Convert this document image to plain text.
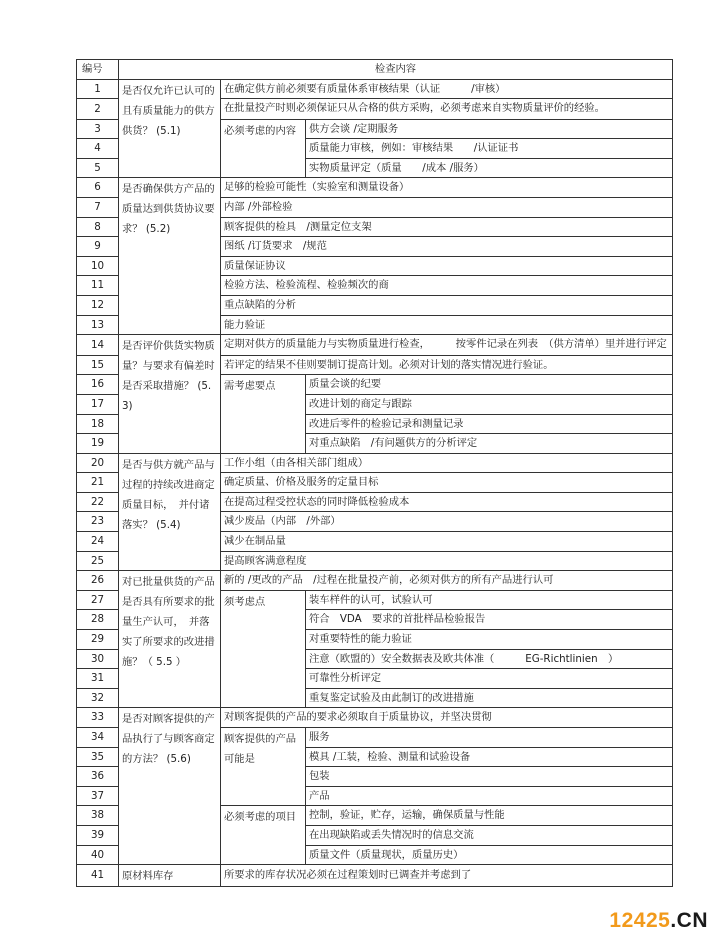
编号	检查内容		
1	是否仅允许已认可的且有质量能力的供方供货？ (5.1)	在确定供方前必须要有质量体系审核结果（认证　　　/审核）	
2		在批量投产时则必须保证只从合格的供方采购，必须考虑来自实物质量评价的经验。	
3		必须考虑的内容	供方会谈 /定期服务
4			质量能力审核，例如：审核结果　　/认证证书
5			实物质量评定（质量　　/成本 /服务）
6	是否确保供方产品的质量达到供货协议要求？ (5.2)	足够的检验可能性（实验室和测量设备）	
7		内部 /外部检验	
8		顾客提供的检具　/测量定位支架	
9		图纸 /订货要求　/规范	
10		质量保证协议	
11		检验方法、检验流程、检验频次的商	
12		重点缺陷的分析	
13		能力验证	
14	是否评价供货实物质量？与要求有偏差时是否采取措施？ (5.3)	定期对供方的质量能力与实物质量进行检查，　　　按零件记录在列表　（供方清单）里并进行评定	
15		若评定的结果不佳则要制订提高计划。必须对计划的落实情况进行验证。	
16		需考虑要点	质量会谈的纪要
17			改进计划的商定与跟踪
18			改进后零件的检验记录和测量记录
19			对重点缺陷　/有问题供方的分析评定
20	是否与供方就产品与过程的持续改进商定质量目标，　并付诸落实？ (5.4)	工作小组（由各相关部门组成）	
21		确定质量、价格及服务的定量目标	
22		在提高过程受控状态的同时降低检验成本	
23		减少废品（内部　/外部）	
24		减少在制品量	
25		提高顾客满意程度	
26	对已批量供货的产品是否具有所要求的批量生产认可，　并落实了所要求的改进措施？（ 5.5 ）	新的 /更改的产品　/过程在批量投产前，必须对供方的所有产品进行认可	
27		须考虑点	装车样件的认可，试验认可
28			符合　VDA　要求的首批样品检验报告
29			对重要特性的能力验证
30			注意（欧盟的）安全数据表及欧共体准（　　　EG-Richtlinien　）
31			可靠性分析评定
32			重复鉴定试验及由此制订的改进措施
33	是否对顾客提供的产品执行了与顾客商定的方法？ (5.6)	对顾客提供的产品的要求必须取自于质量协议，并坚决贯彻	
34		顾客提供的产品可能是	服务
35			模具 /工装，检验、测量和试验设备
36			包装
37			产品
38		必须考虑的项目	控制，验证，贮存，运输，确保质量与性能
39			在出现缺陷或丢失情况时的信息交流
40			质量文件（质量现状，质量历史）
41	原材料库存	所要求的库存状况必须在过程策划时已调查并考虑到了	
12425.CN
